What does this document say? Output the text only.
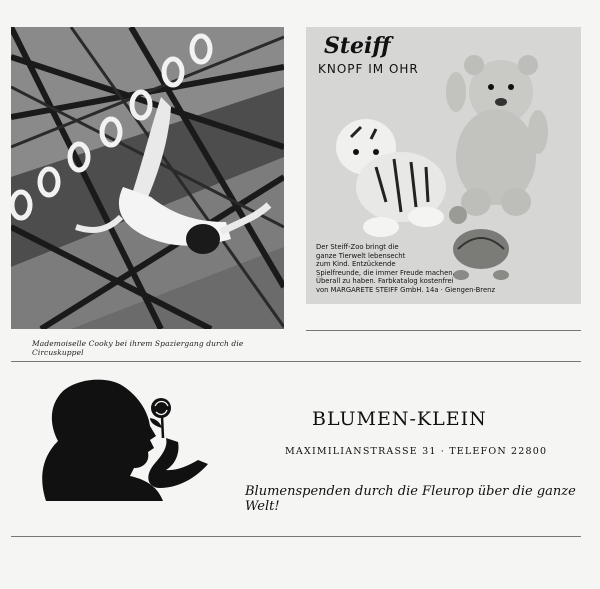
Mademoiselle Cooky bei ihrem Spaziergang durch die Circuskuppel
Steiff
KNOPF IM OHR
Der Steiff-Zoo bringt die
ganze Tierwelt lebensecht
zum Kind. Entzückende
Spielfreunde, die immer Freude machen.
Überall zu haben. Farbkatalog kostenfrei
von MARGARETE STEIFF GmbH. 14a · Giengen-Brenz
BLUMEN-KLEIN
MAXIMILIANSTRASSE 31 · TELEFON 22800
Blumenspenden durch die Fleurop über die ganze Welt!
